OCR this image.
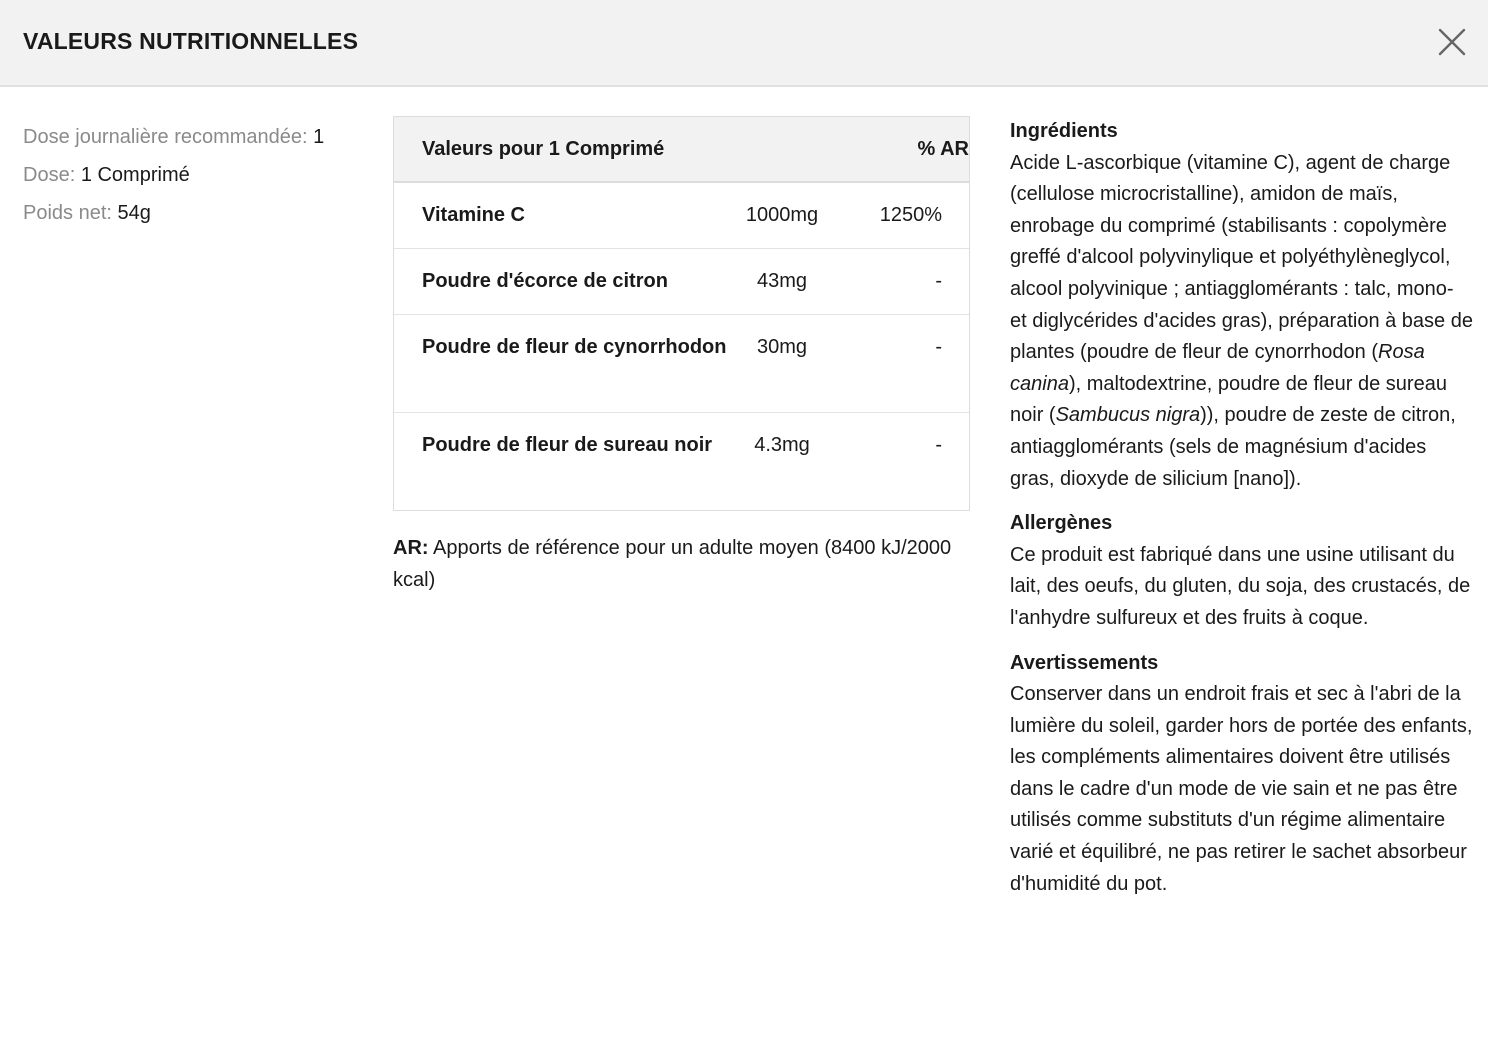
VALEURS NUTRITIONNELLES
Dose journalière recommandée: 1
Dose: 1 Comprimé
Poids net: 54g
Valeurs pour 1 Comprimé	% AR
Vitamine C	1000mg	1250%
Poudre d'écorce de citron	43mg	-
Poudre de fleur de cynorrhodon	30mg	-
Poudre de fleur de sureau noir	4.3mg	-
AR: Apports de référence pour un adulte moyen (8400 kJ/2000 kcal)
Ingrédients

Acide L-ascorbique (vitamine C), agent de charge (cellulose microcristalline), amidon de maïs, enrobage du comprimé (stabilisants : copolymère greffé d'alcool polyvinylique et polyéthylèneglycol, alcool polyvinique ; antiagglomérants : talc, mono- et diglycérides d'acides gras), préparation à base de plantes (poudre de fleur de cynorrhodon (Rosa canina), maltodextrine, poudre de fleur de sureau noir (Sambucus nigra)), poudre de zeste de citron, antiagglomérants (sels de magnésium d'acides gras, dioxyde de silicium [nano]).

Allergènes

Ce produit est fabriqué dans une usine utilisant du lait, des oeufs, du gluten, du soja, des crustacés, de l'anhydre sulfureux et des fruits à coque.

Avertissements

Conserver dans un endroit frais et sec à l'abri de la lumière du soleil, garder hors de portée des enfants, les compléments alimentaires doivent être utilisés dans le cadre d'un mode de vie sain et ne pas être utilisés comme substituts d'un régime alimentaire varié et équilibré, ne pas retirer le sachet absorbeur d'humidité du pot.
